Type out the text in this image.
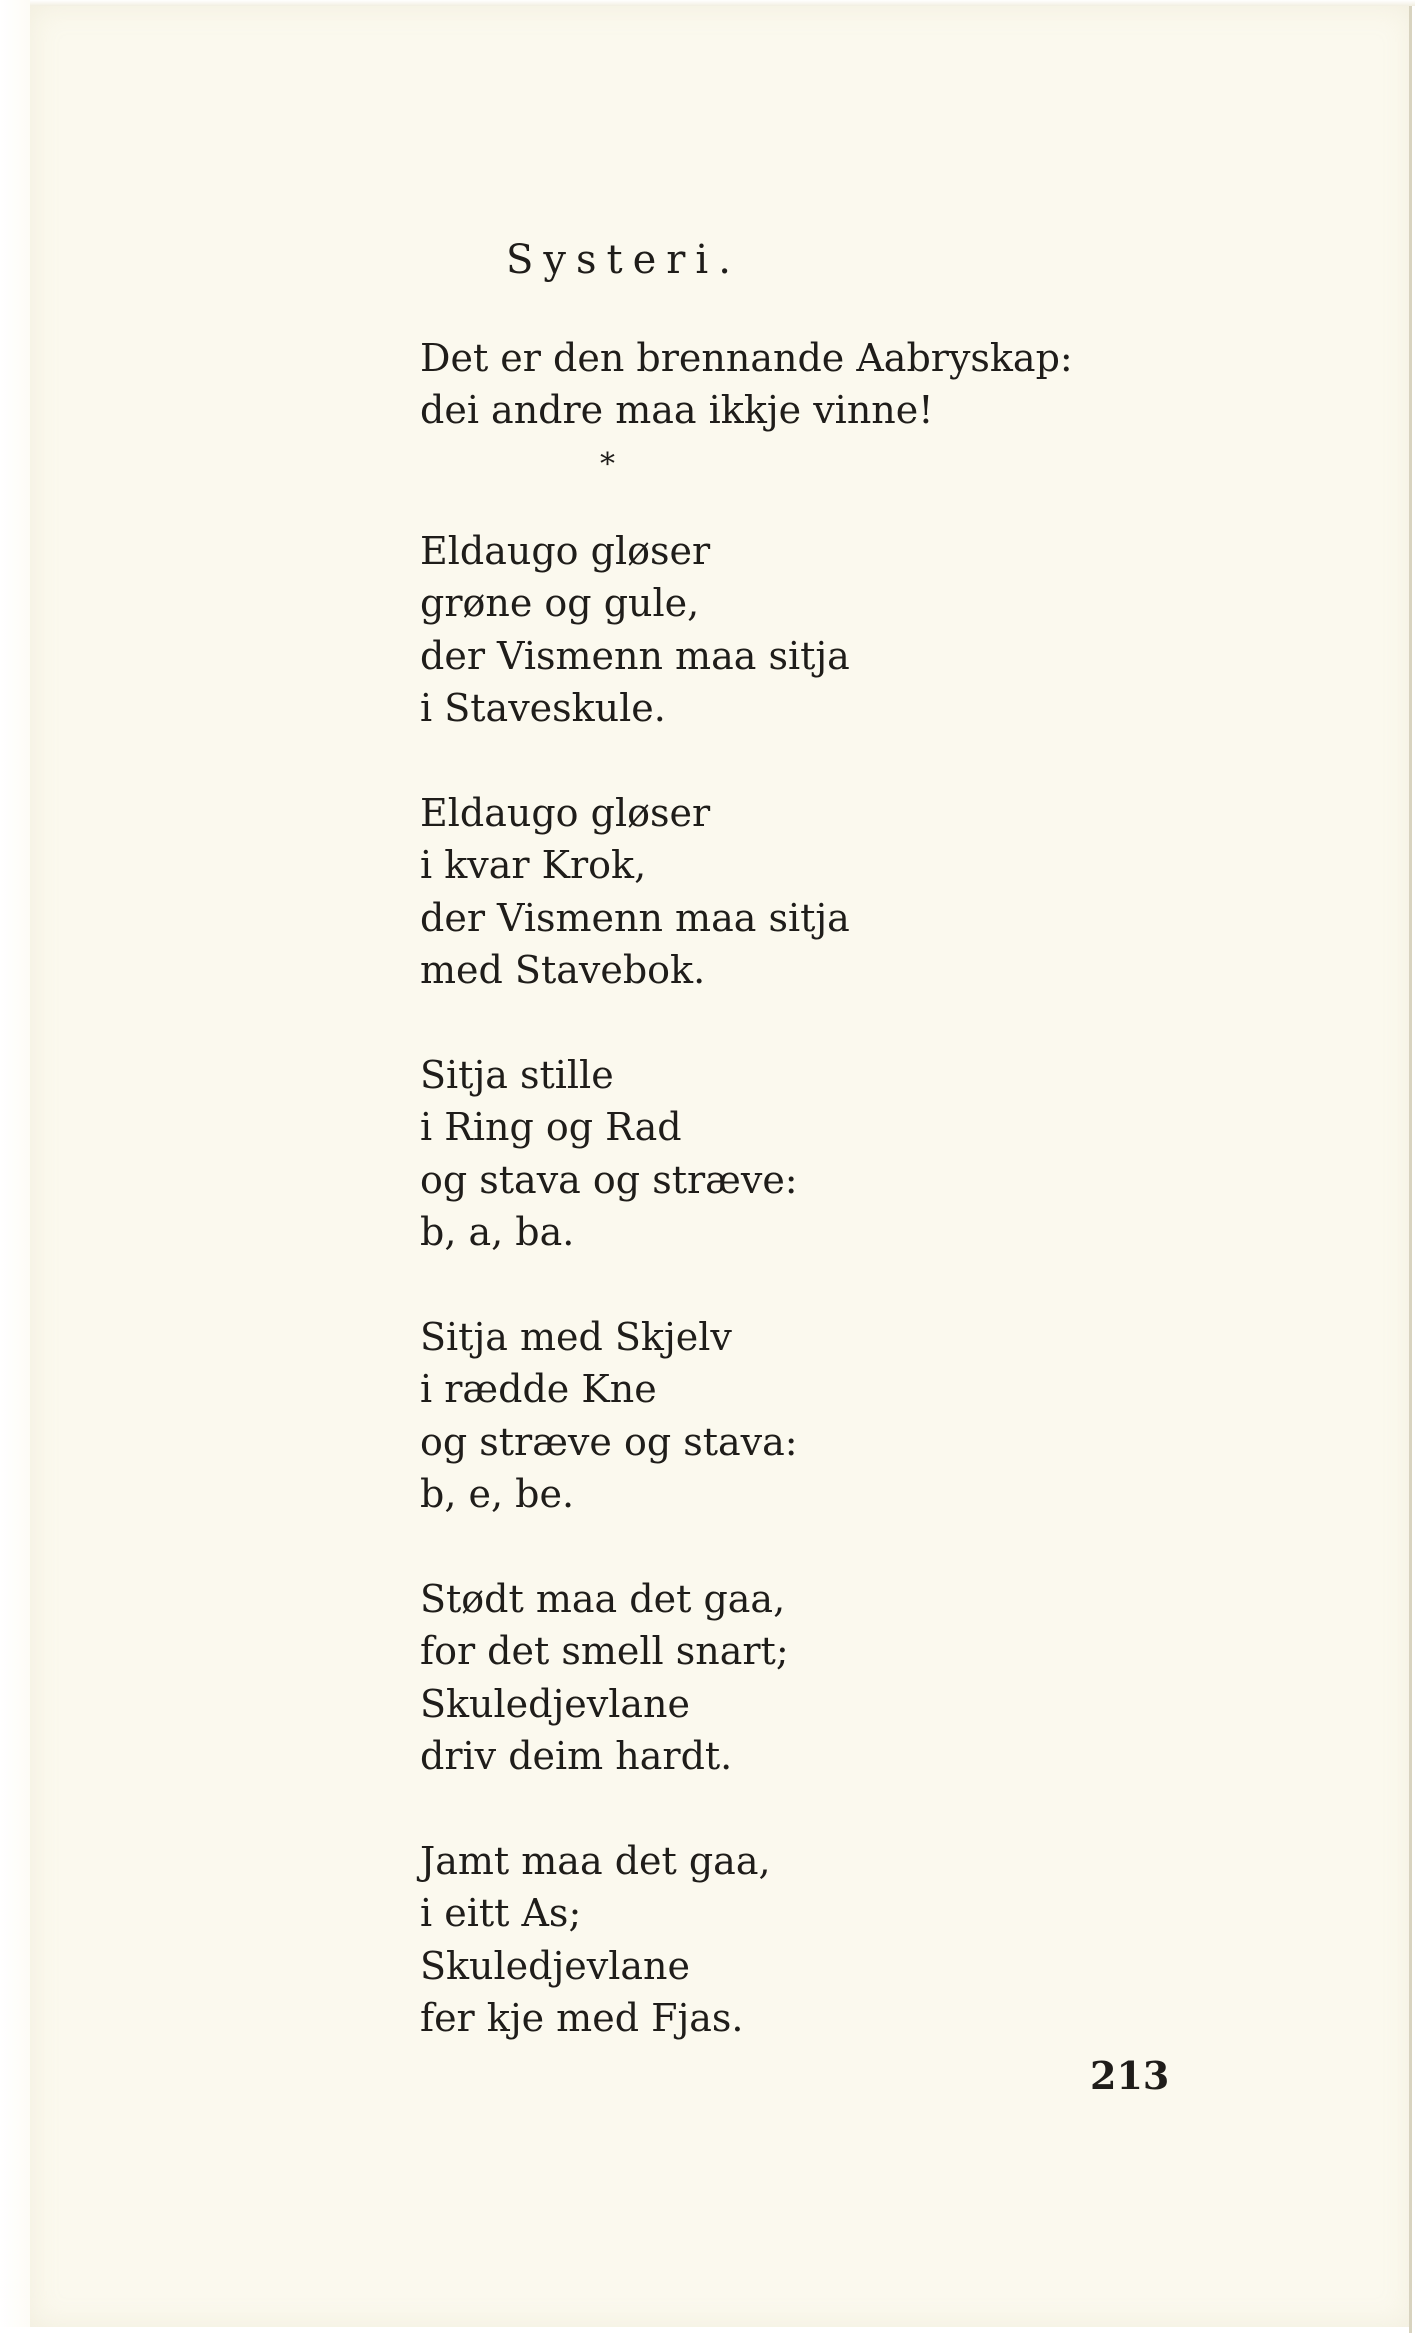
Systeri.
Det er den brennande Aabryskap:
dei andre maa ikkje vinne!
*
Eldaugo gløser
grøne og gule,
der Vismenn maa sitja
i Staveskule.
Eldaugo gløser
i kvar Krok,
der Vismenn maa sitja
med Stavebok.
Sitja stille
i Ring og Rad
og stava og stræve:
b, a, ba.
Sitja med Skjelv
i rædde Kne
og stræve og stava:
b, e, be.
Stødt maa det gaa,
for det smell snart;
Skuledjevlane
driv deim hardt.
Jamt maa det gaa,
i eitt As;
Skuledjevlane
fer kje med Fjas.
213
